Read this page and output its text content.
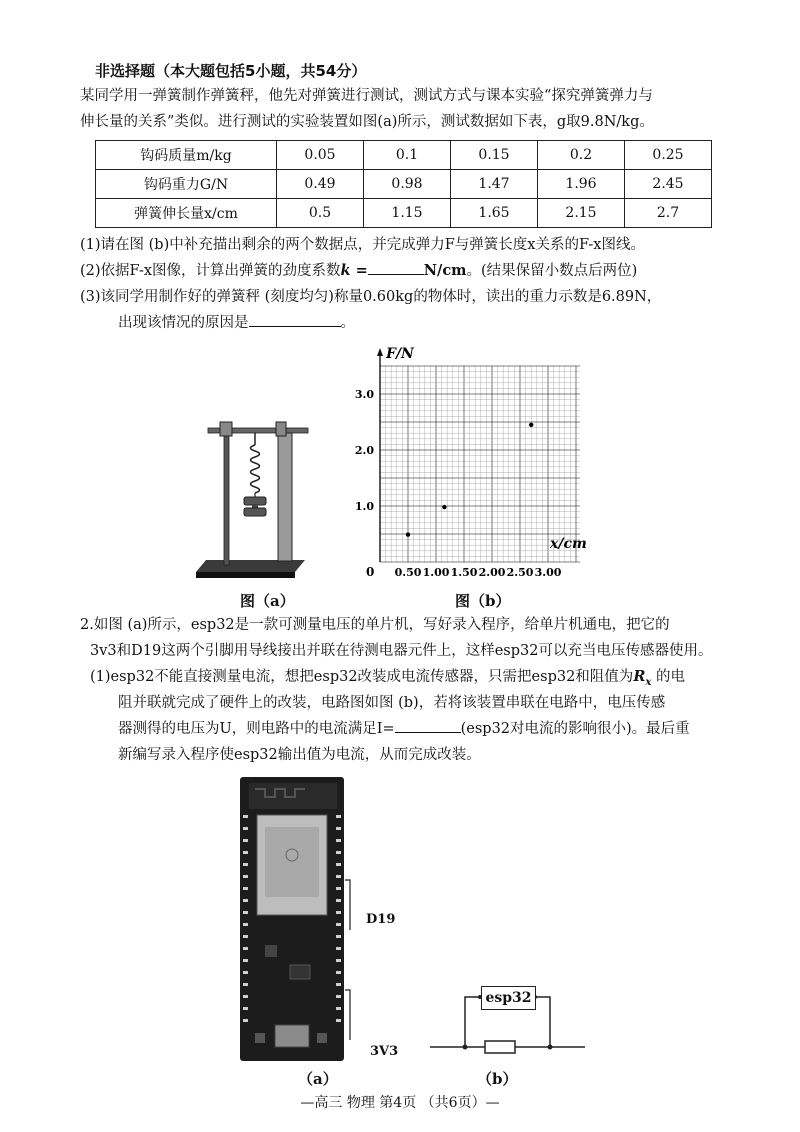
非选择题（本大题包括5小题，共54分）
某同学用一弹簧制作弹簧秤，他先对弹簧进行测试，测试方式与课本实验“探究弹簧弹力与
伸长量的关系”类似。进行测试的实验装置如图(a)所示，测试数据如下表，g取9.8N/kg。
钩码质量m/kg	0.05	0.1	0.15	0.2	0.25
钩码重力G/N	0.49	0.98	1.47	1.96	2.45
弹簧伸长量x/cm	0.5	1.15	1.65	2.15	2.7
(1)请在图 (b)中补充描出剩余的两个数据点，并完成弹力F与弹簧长度x关系的F-x图线。
(2)依据F-x图像，计算出弹簧的劲度系数k =	N/cm。(结果保留小数点后两位)
(3)该同学用制作好的弹簧秤 (刻度均匀)称量0.60kg的物体时，读出的重力示数是6.89N，
出现该情况的原因是	。
图（a）
F/N
x/cm
0 0.50 1.00 1.50 2.00 2.50 3.00
1.0
2.0
3.0
图（b）
2.如图 (a)所示，esp32是一款可测量电压的单片机，写好录入程序，给单片机通电，把它的
3v3和D19这两个引脚用导线接出并联在待测电器元件上，这样esp32可以充当电压传感器使用。
(1)esp32不能直接测量电流，想把esp32改装成电流传感器，只需把esp32和阻值为$R_x$ 的电
阻并联就完成了硬件上的改装，电路图如图 (b)，若将该装置串联在电路中，电压传感
器测得的电压为U，则电路中的电流满足I=	(esp32对电流的影响很小)。最后重
新编写录入程序使esp32输出值为电流，从而完成改装。
D19
3V3
（a）
esp32
（b）
—高三 物理 第4页 （共6页）—
